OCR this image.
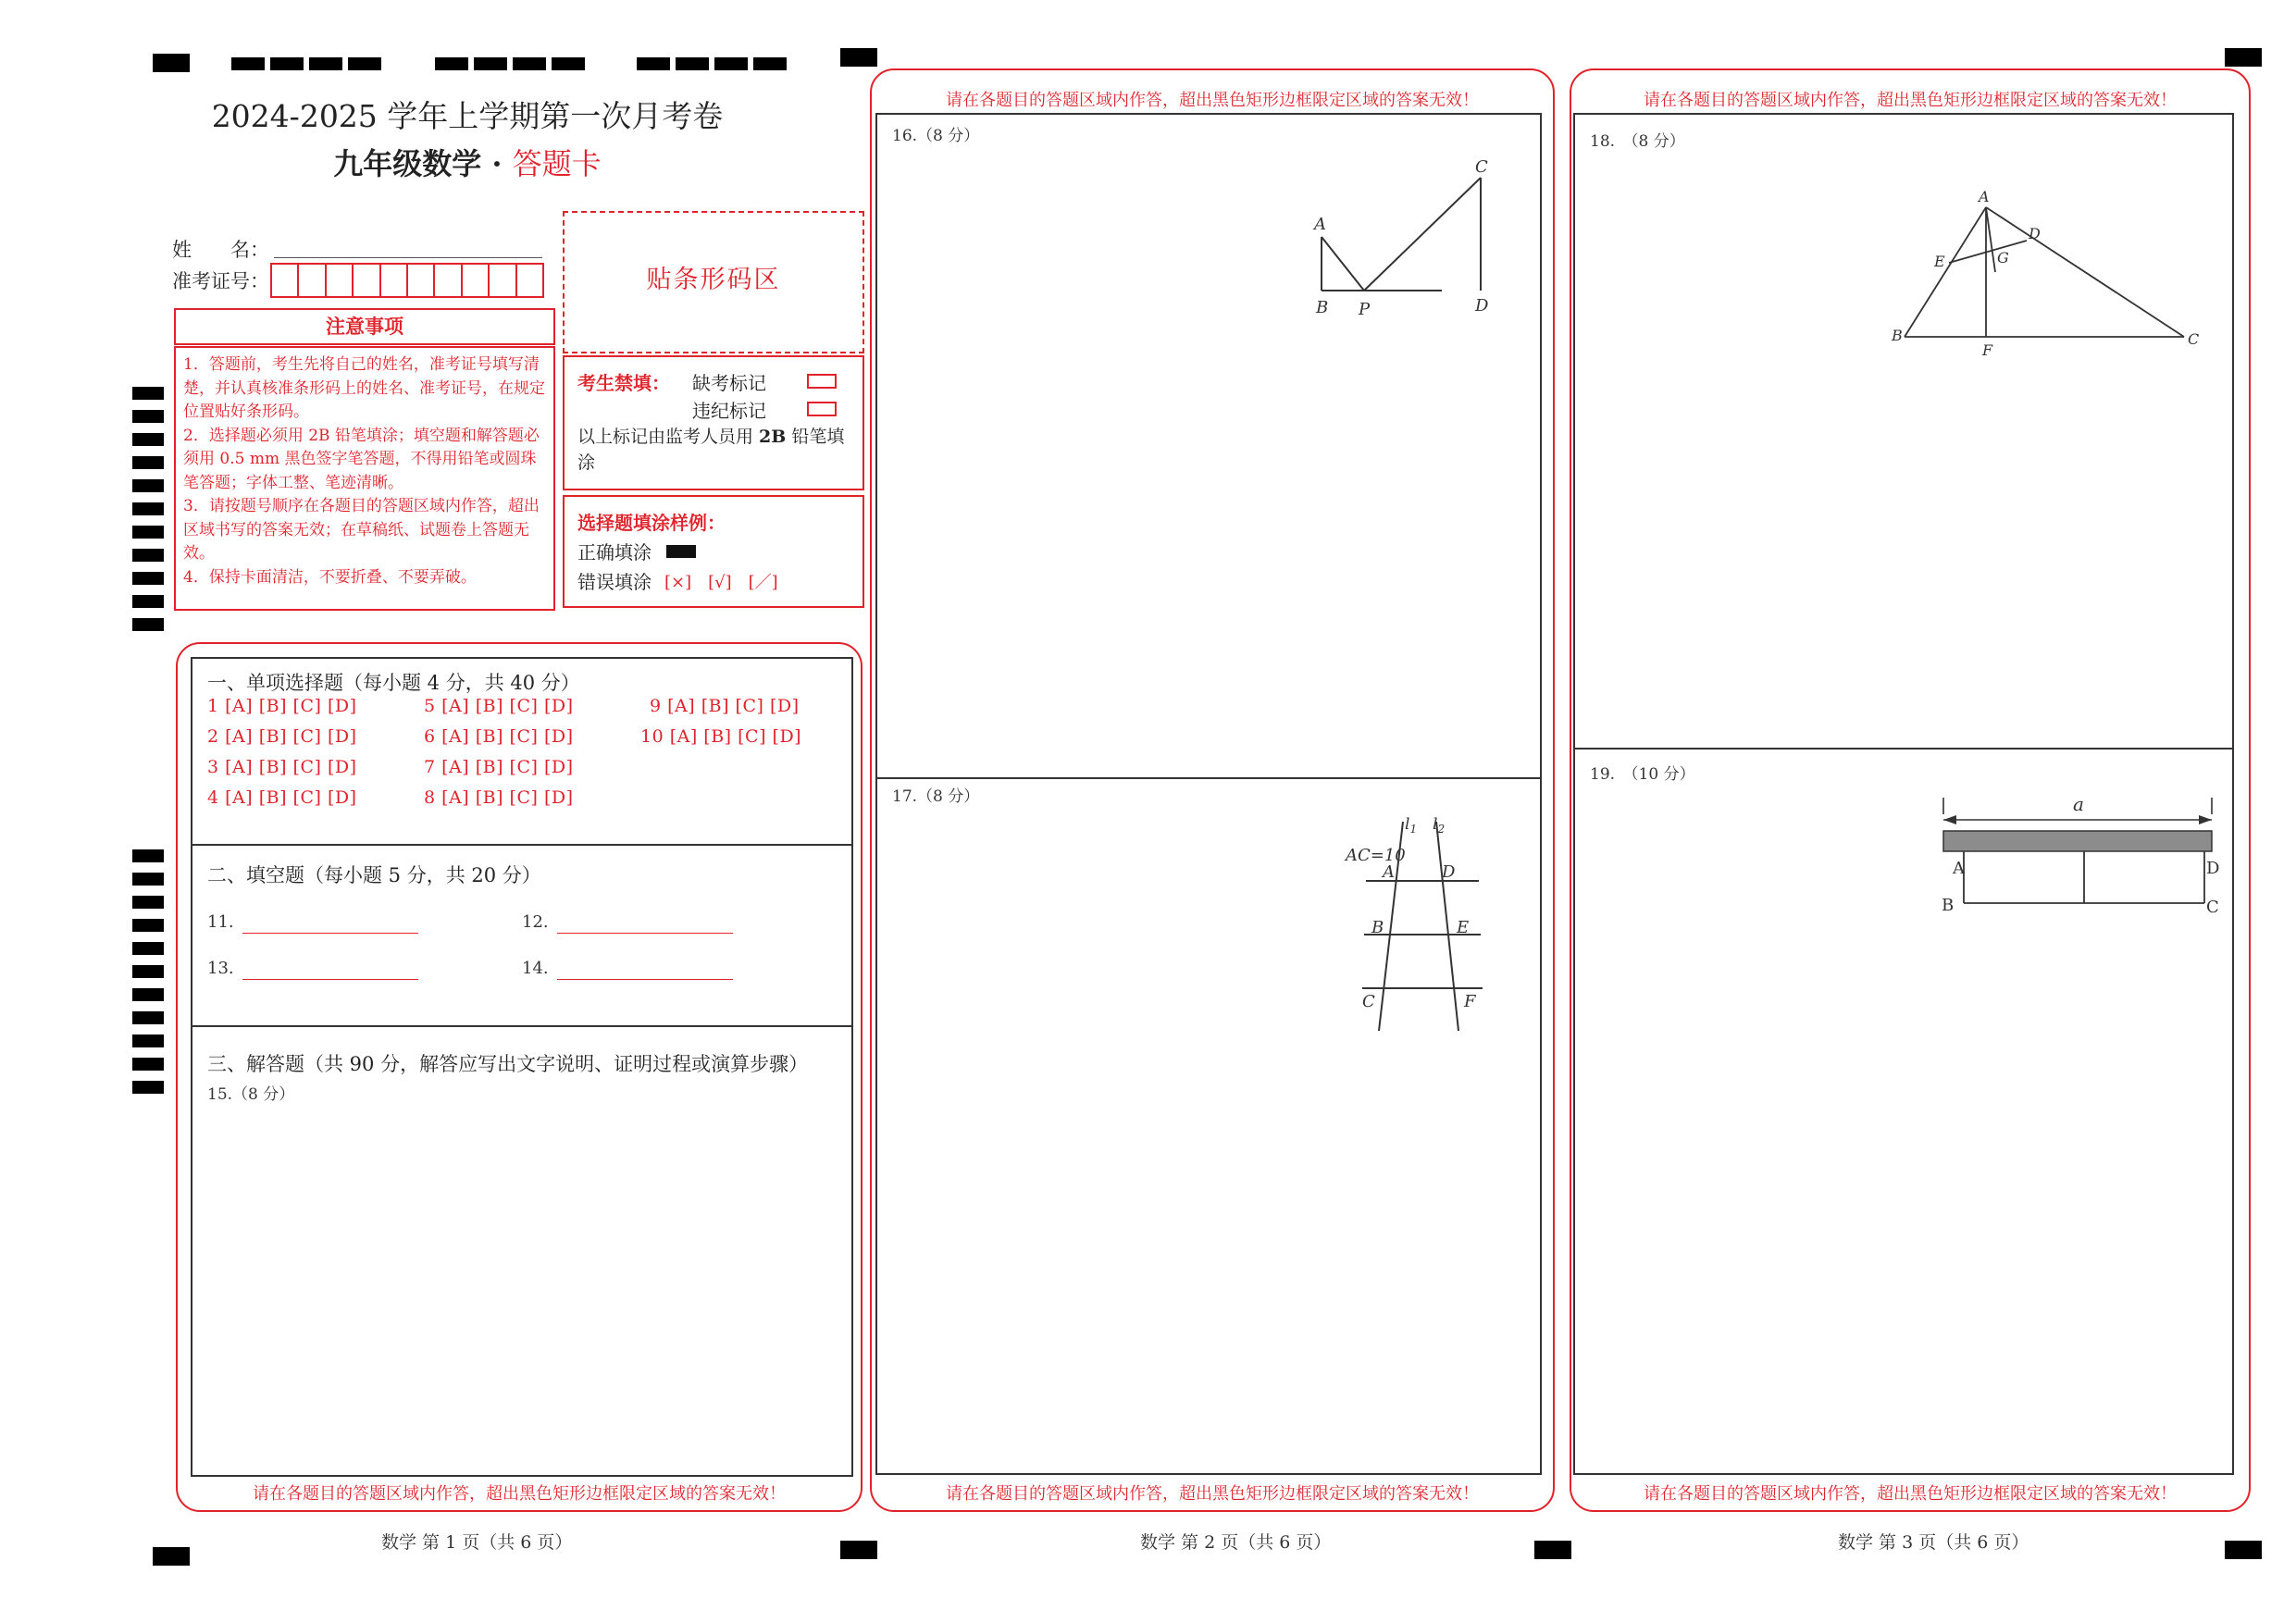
2024-2025 学年上学期第一次月考卷
九年级数学 · 答题卡
姓　　名：
准考证号：	贴条形码区
注意事项
1．答题前，考生先将自己的姓名，准考证号填写清楚，并认真核准条形码上的姓名、准考证号，在规定位置贴好条形码。
2．选择题必须用 2B 铅笔填涂；填空题和解答题必须用 0.5 mm 黑色签字笔答题，不得用铅笔或圆珠笔答题；字体工整、笔迹清晰。
3．请按题号顺序在各题目的答题区域内作答，超出区域书写的答案无效；在草稿纸、试题卷上答题无效。
4．保持卡面清洁，不要折叠、不要弄破。
考生禁填： 缺考标记
违纪标记
以上标记由监考人员用 2B 铅笔填涂
选择题填涂样例：
正确填涂
错误填涂 [×]　[√]　[／]
一、单项选择题（每小题 4 分，共 40 分）
1 [A] [B] [C] [D]
2 [A] [B] [C] [D]
3 [A] [B] [C] [D]
4 [A] [B] [C] [D]
5 [A] [B] [C] [D]
6 [A] [B] [C] [D]
7 [A] [B] [C] [D]
8 [A] [B] [C] [D]
9 [A] [B] [C] [D]
10 [A] [B] [C] [D]
二、填空题（每小题 5 分，共 20 分）
11.	12.
13.	14.
三、解答题（共 90 分，解答应写出文字说明、证明过程或演算步骤）
15.（8 分）
请在各题目的答题区域内作答，超出黑色矩形边框限定区域的答案无效！
数学 第 1 页（共 6 页）
请在各题目的答题区域内作答，超出黑色矩形边框限定区域的答案无效！
16.（8 分）
A
B P
C
D
17.（8 分）
AC=10
$l_1$ $l_2$
A	D
B	E
C	F
请在各题目的答题区域内作答，超出黑色矩形边框限定区域的答案无效！
数学 第 2 页（共 6 页）
请在各题目的答题区域内作答，超出黑色矩形边框限定区域的答案无效！
18.　（8 分）
A
D
E	G
B
F
C
19.　（10 分）
a
A	D
B	C
请在各题目的答题区域内作答，超出黑色矩形边框限定区域的答案无效！
数学 第 3 页（共 6 页）
